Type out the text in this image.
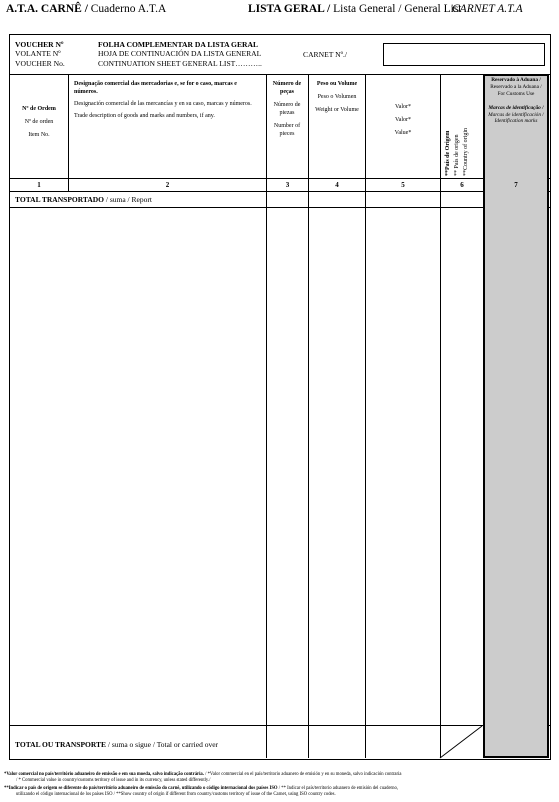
A.T.A. CARNÊ / Cuaderno A.T.A	LISTA GERAL / Lista General / General List
CARNET A.T.A
VOUCHER Nº
VOLANTE Nº
VOUCHER No.
FOLHA COMPLEMENTAR DA LISTA GERAL
HOJA DE CONTINUACIÓN DA LISTA GENERAL
CONTINUATION SHEET GENERAL LIST………..
CARNET Nº./
Nº de Ordem
Nº de orden
Item No.
Designação comercial das mercadorias e, se for o caso, marcas e números.
Designación comercial de las mercancías y en su caso, marcas y números.
Trade description of goods and marks and numbers, if any.
Número de peças
Número de piezas
Number of pieces
Peso ou Volume
Peso o Volumen
Weight or Volume
Valor*
Valor*
Value*	**País de Origem ** País de origen **Country of origin
Reservado à Aduana /
Reservado a la Aduana /
For Customs Use
Marcas de identificação /
Marcas de identificación /
Identification marks
1	2	3	4	5	6	7
TOTAL TRANSPORTADO / suma / Report
TOTAL OU TRANSPORTE / suma o sigue / Total or carried over
*Valor comercial no país/território aduaneiro de emissão e em sua moeda, salvo indicação contrária. / *Valor commercial en el país/territorio aduanero de emisión y en su moneda, salvo indicación contraria
/ * Commercial value in country/customs territory of issue and in its currency, unless stated differently./
**Indicar o país de origem se diferente do país/território aduaneiro de emissão do carnê, utilizando o código internacional dos países ISO / ** Indicar el país/territorio aduanero de emisión del cuaderno,
utilizando el código internacional de los países ISO / **Show country of origin if different from country/customs territory of issue of the Carnet, using ISO country codes.
